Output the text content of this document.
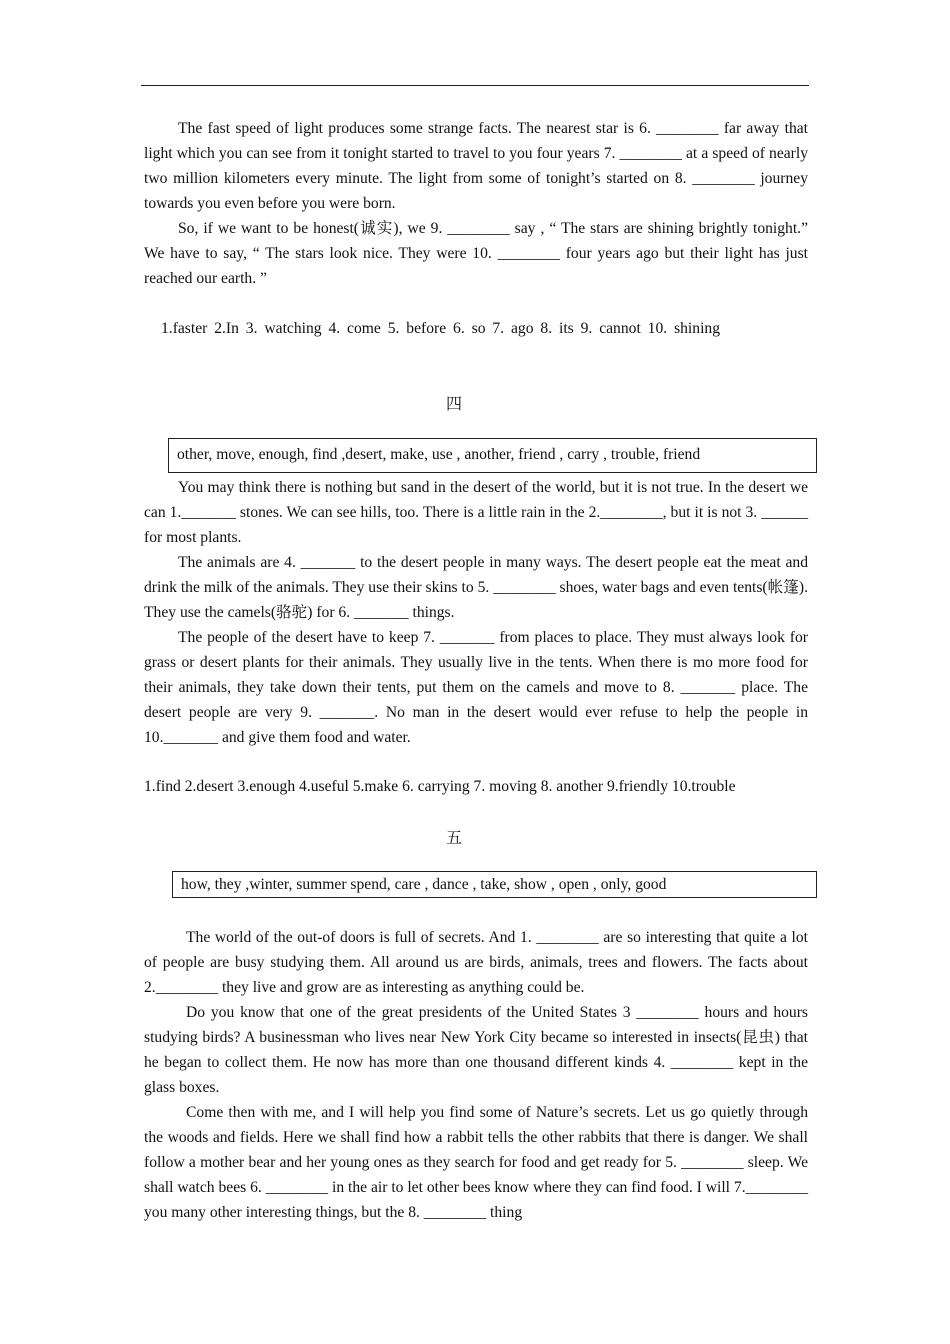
The fast speed of light produces some strange facts. The nearest star is 6. ________ far away that light which you can see from it tonight started to travel to you four years 7. ________ at a speed of nearly two million kilometers every minute. The light from some of tonight’s started on 8. ________ journey towards you even before you were born.

So, if we want to be honest(诚实), we 9. ________ say , “ The stars are shining brightly tonight.” We have to say, “ The stars look nice. They were 10. ________ four years ago but their light has just reached our earth. ”

1.faster 2.In 3. watching 4. come 5. before 6. so 7. ago 8. its 9. cannot 10. shining

四
other, move, enough, find ,desert, make, use , another, friend , carry , trouble, friend

You may think there is nothing but sand in the desert of the world, but it is not true. In the desert we can 1._______ stones. We can see hills, too. There is a little rain in the 2.________, but it is not 3. ______ for most plants.

The animals are 4. _______ to the desert people in many ways. The desert people eat the meat and drink the milk of the animals. They use their skins to 5. ________ shoes, water bags and even tents(帐篷). They use the camels(骆驼) for 6. _______ things.

The people of the desert have to keep 7. _______ from places to place. They must always look for grass or desert plants for their animals. They usually live in the tents. When there is mo more food for their animals, they take down their tents, put them on the camels and move to 8. _______ place. The desert people are very 9. _______. No man in the desert would ever refuse to help the people in 10._______ and give them food and water.

1.find 2.desert 3.enough 4.useful 5.make 6. carrying 7. moving 8. another 9.friendly 10.trouble

五
how, they ,winter, summer spend, care , dance , take, show , open , only, good

The world of the out-of doors is full of secrets. And 1. ________ are so interesting that quite a lot of people are busy studying them. All around us are birds, animals, trees and flowers. The facts about 2.________ they live and grow are as interesting as anything could be.

Do you know that one of the great presidents of the United States 3 ________ hours and hours studying birds? A businessman who lives near New York City became so interested in insects(昆虫) that he began to collect them. He now has more than one thousand different kinds 4. ________ kept in the glass boxes.

Come then with me, and I will help you find some of Nature’s secrets. Let us go quietly through the woods and fields. Here we shall find how a rabbit tells the other rabbits that there is danger. We shall follow a mother bear and her young ones as they search for food and get ready for 5. ________ sleep. We shall watch bees 6. ________ in the air to let other bees know where they can find food. I will 7.________ you many other interesting things, but the 8. ________ thing
